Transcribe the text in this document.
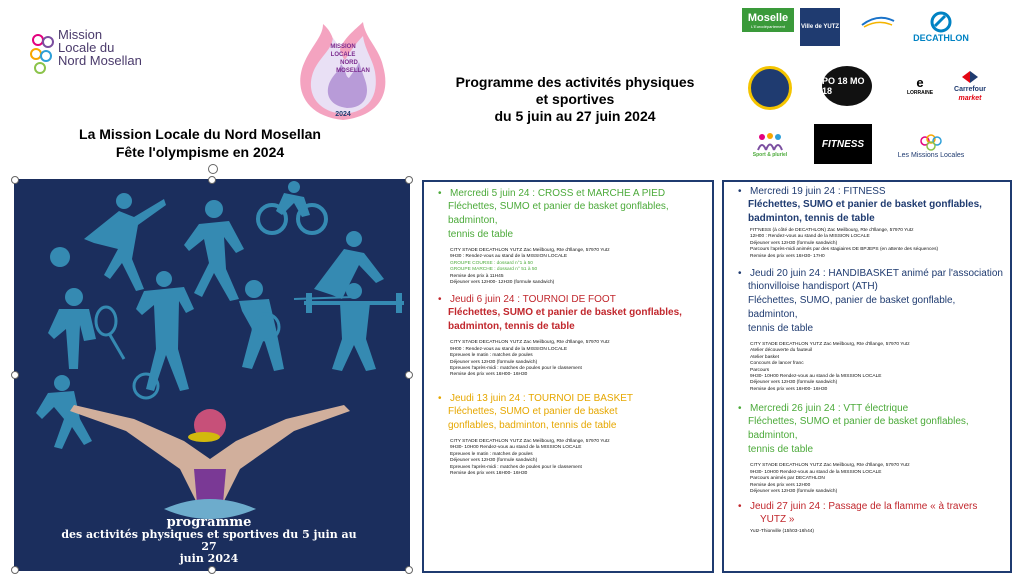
Mission
Locale du
Nord Mosellan
MISSION
LOCALE
NORD
MOSELLAN
2024
La Mission Locale du Nord Mosellan
Fête l'olympisme en 2024
Programme des activités physiques
et sportives
du 5 juin au 27 juin 2024
Moselle
L'Eurodépartement	Ville de YUTZ
DECATHLON
PO 18 MO 18
e
LORRAINE	Carrefour
market
Sport & pluriel
FITNESS
Les Missions Locales
programme
des activités physiques et sportives du 5 juin au 27
juin 2024
• Mercredi 5 juin 24 : CROSS et MARCHE A PIED
Fléchettes, SUMO et panier de basket gonflables,
badminton,
tennis de table
CITY STADE DECATHLON YUTZ Zac Meilbourg, Rte d'Illange, 57970 Yutz
9H30 : Rendez-vous au stand de la MISSION LOCALE
GROUPE COURSE : dossard n°1 à 50
GROUPE MARCHE : dossard n° 51 à 50
Remise des prix à 11H45
Déjeuner vers 12H00- 12H30 (formule sandwich)
• Jeudi 6 juin 24 : TOURNOI DE FOOT
Fléchettes, SUMO et panier de basket gonflables,
badminton, tennis de table
CITY STADE DECATHLON YUTZ Zac Meilbourg, Rte d'Illange, 57970 Yutz
9H00 : Rendez-vous au stand de la MISSION LOCALE
Epreuves le matin : matches de poules
Déjeuner vers 12H30 (formule sandwich)
Epreuves l'après-midi : matches de poules pour le classement
Remise des prix vers 16H00- 16H30
• Jeudi 13 juin 24 : TOURNOI DE BASKET
Fléchettes, SUMO et panier de basket
gonflables, badminton, tennis de table
CITY STADE DECATHLON YUTZ Zac Meilbourg, Rte d'Illange, 57970 Yutz
9H30- 10H00 Rendez-vous au stand de la MISSION LOCALE
Epreuves le matin : matches de poules
Déjeuner vers 12H30 (formule sandwich)
Epreuves l'après-midi : matches de poules pour le classement
Remise des prix vers 16H00- 16H30
• Mercredi 19 juin 24 : FITNESS
Fléchettes, SUMO et panier de basket gonflables,
badminton, tennis de table
FIT'NESS (à côté de DECATHLON) Zac Meilbourg, Rte d'Illange, 57970 Yutz
12H00 : Rendez-vous au stand de la MISSION LOCALE
Déjeuner vers 12H30 (formule sandwich)
Parcours l'après-midi animés par des stagiaires DE BPJEPS (en attente des séquences)
Remise des prix vers 16H30- 17H0
• Jeudi 20 juin 24 : HANDIBASKET animé par l'association
thionvilloise handisport (ATH)
Fléchettes, SUMO, panier de basket gonflable, badminton,
tennis de table
CITY STADE DECATHLON YUTZ Zac Meilbourg, Rte d'Illange, 57970 Yutz
Atelier découverte du fauteuil
Atelier basket
Concours de lancer franc
Parcours
9H30- 10H00 Rendez-vous au stand de la MISSION LOCALE
Déjeuner vers 12H30 (formule sandwich)
Remise des prix vers 16H00- 16H30
• Mercredi 26 juin 24 : VTT électrique
Fléchettes, SUMO et panier de basket gonflables,
badminton,
tennis de table
CITY STADE DECATHLON YUTZ Zac Meilbourg, Rte d'Illange, 57970 Yutz
9H30- 10H00 Rendez-vous au stand de la MISSION LOCALE
Parcours animés par DECATHLON
Remise des prix vers 12H00
Déjeuner vers 12H30 (formule sandwich)
• Jeudi 27 juin 24 : Passage de la flamme « à travers
YUTZ »
Yutz-Thionville (15h03-16h44)
